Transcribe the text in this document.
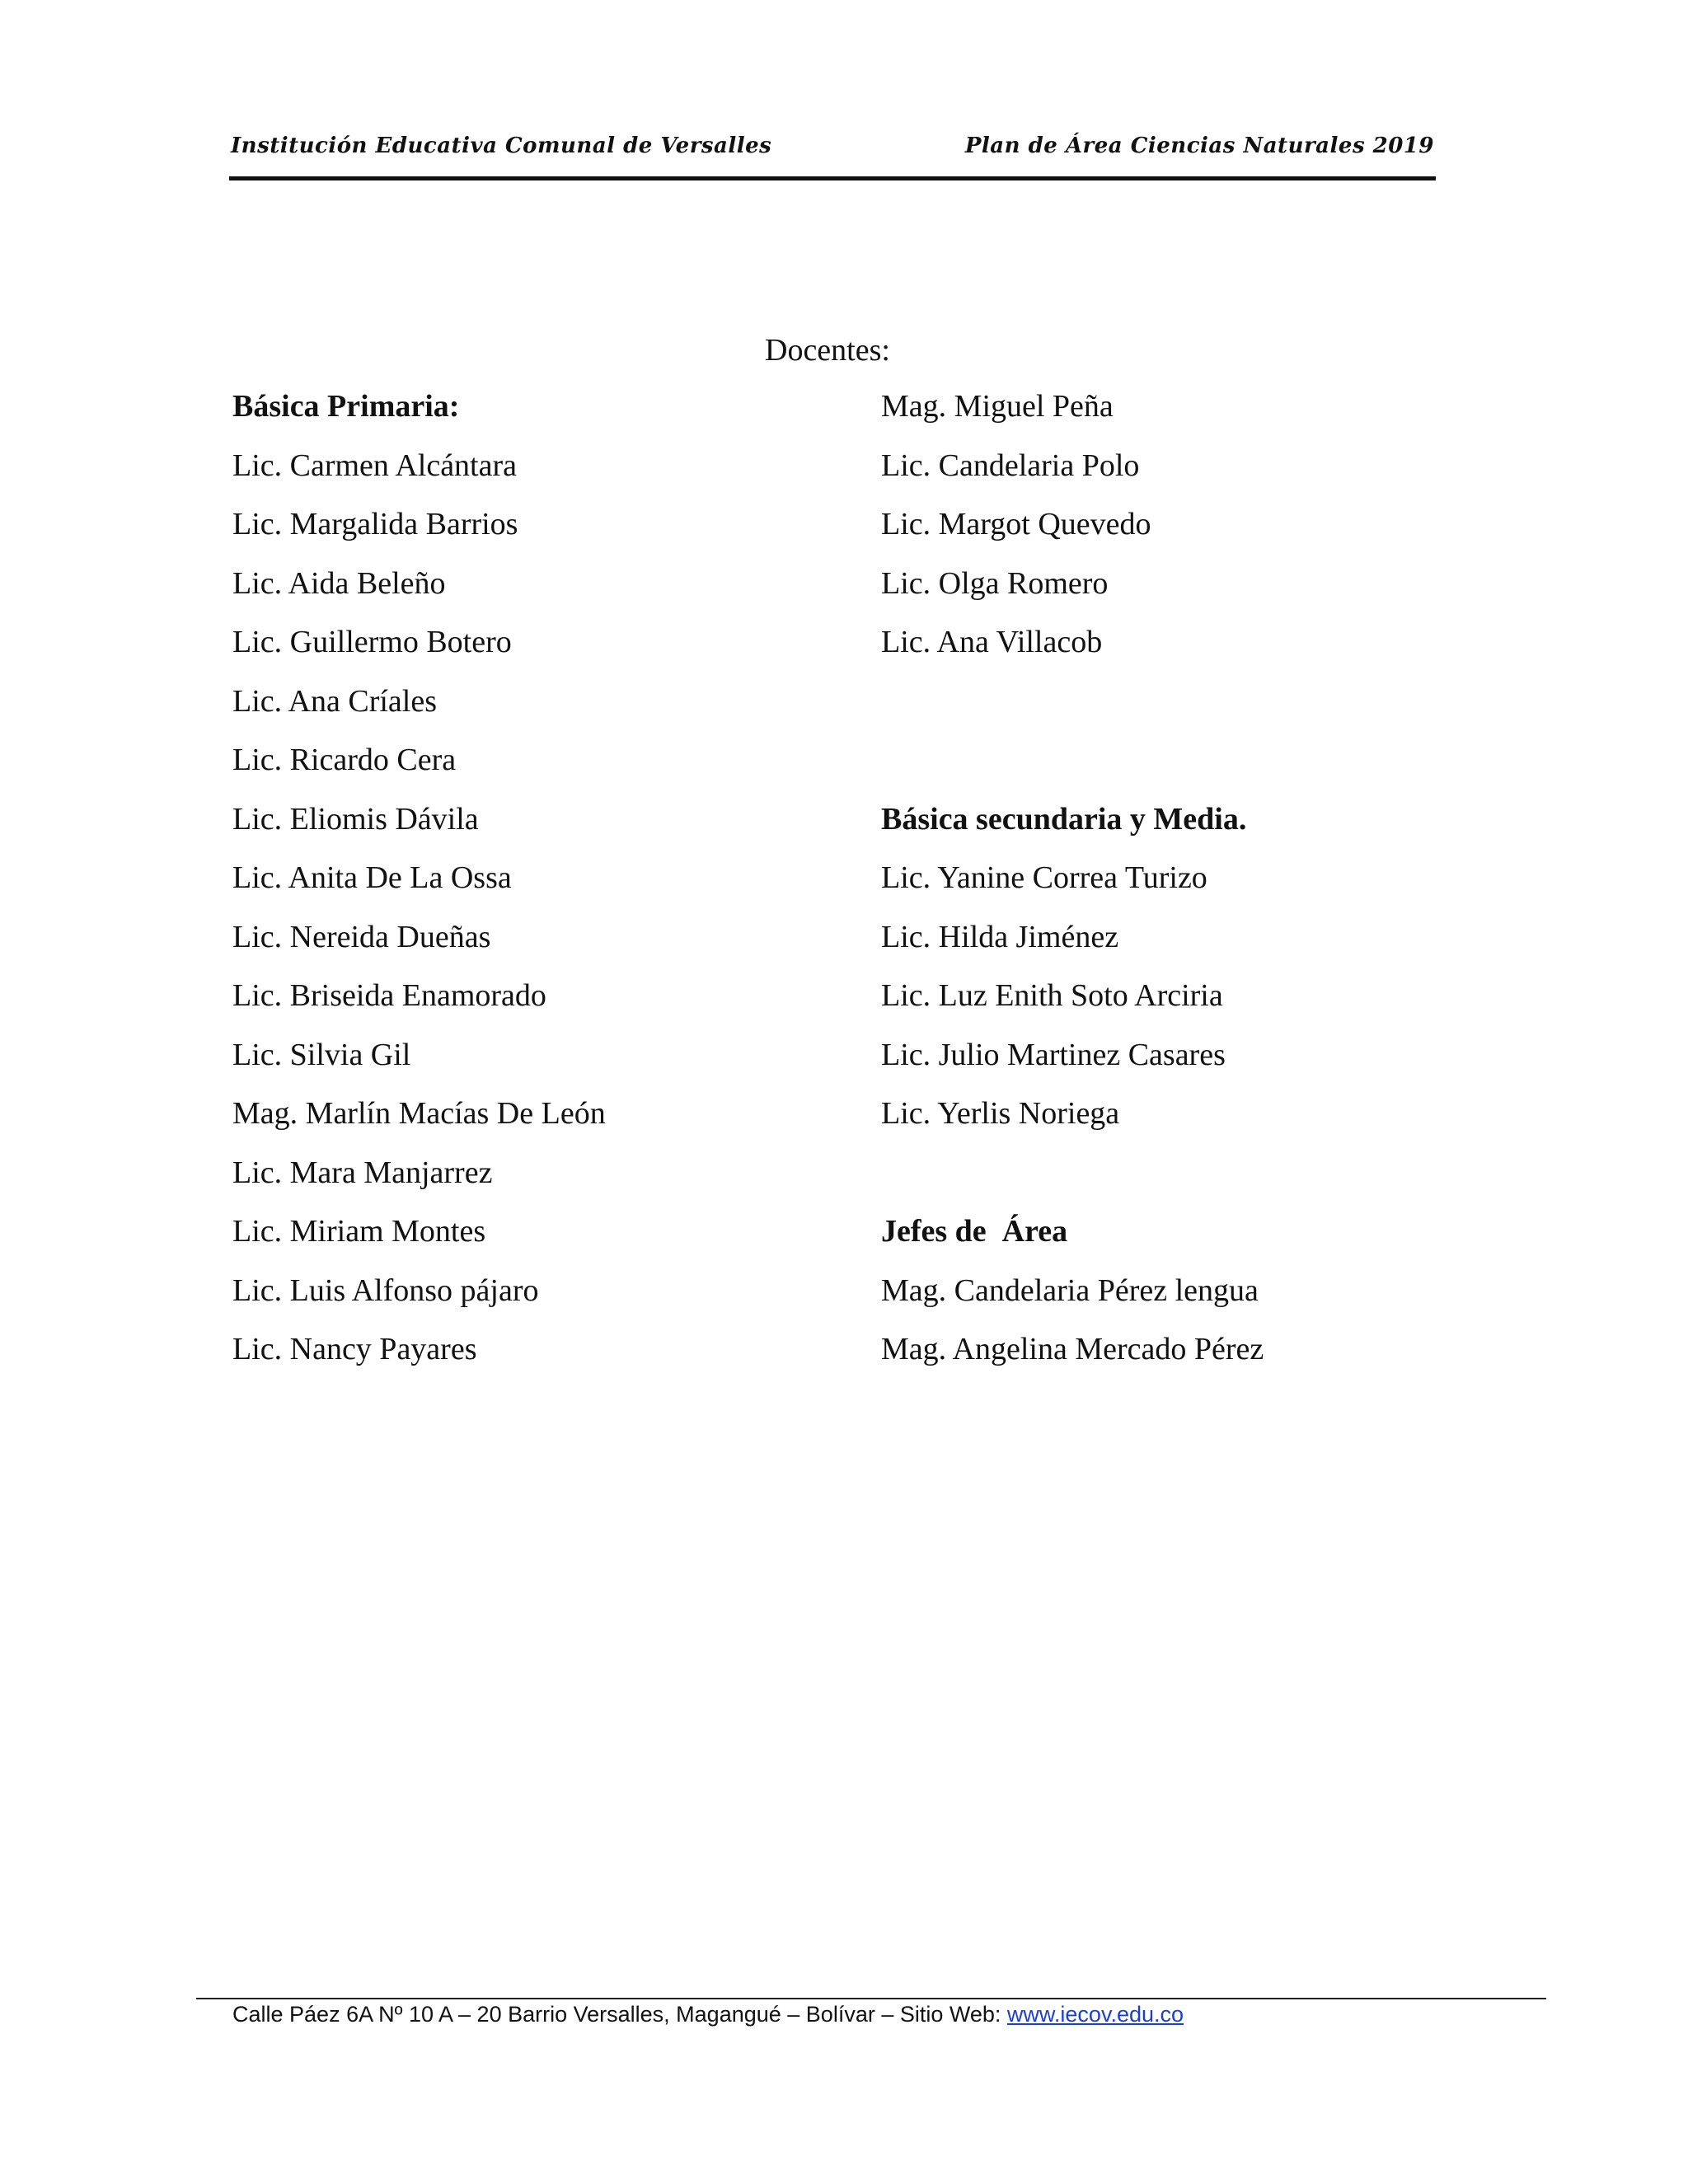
Institución Educativa Comunal de Versalles	Plan de Área Ciencias Naturales 2019
Docentes:
Básica Primaria:
Lic. Carmen Alcántara
Lic. Margalida Barrios
Lic. Aida Beleño
Lic. Guillermo Botero
Lic. Ana Críales
Lic. Ricardo Cera
Lic. Eliomis Dávila
Lic. Anita De La Ossa
Lic. Nereida Dueñas
Lic. Briseida Enamorado
Lic. Silvia Gil
Mag. Marlín Macías De León
Lic. Mara Manjarrez
Lic. Miriam Montes
Lic. Luis Alfonso pájaro
Lic. Nancy Payares
Mag. Miguel Peña
Lic. Candelaria Polo
Lic. Margot Quevedo
Lic. Olga Romero
Lic. Ana Villacob
Básica secundaria y Media.
Lic. Yanine Correa Turizo
Lic. Hilda Jiménez
Lic. Luz Enith Soto Arciria
Lic. Julio Martinez Casares
Lic. Yerlis Noriega
Jefes de  Área
Mag. Candelaria Pérez lengua
Mag. Angelina Mercado Pérez
Calle Páez 6A Nº 10 A – 20 Barrio Versalles, Magangué – Bolívar – Sitio Web: www.iecov.edu.co
